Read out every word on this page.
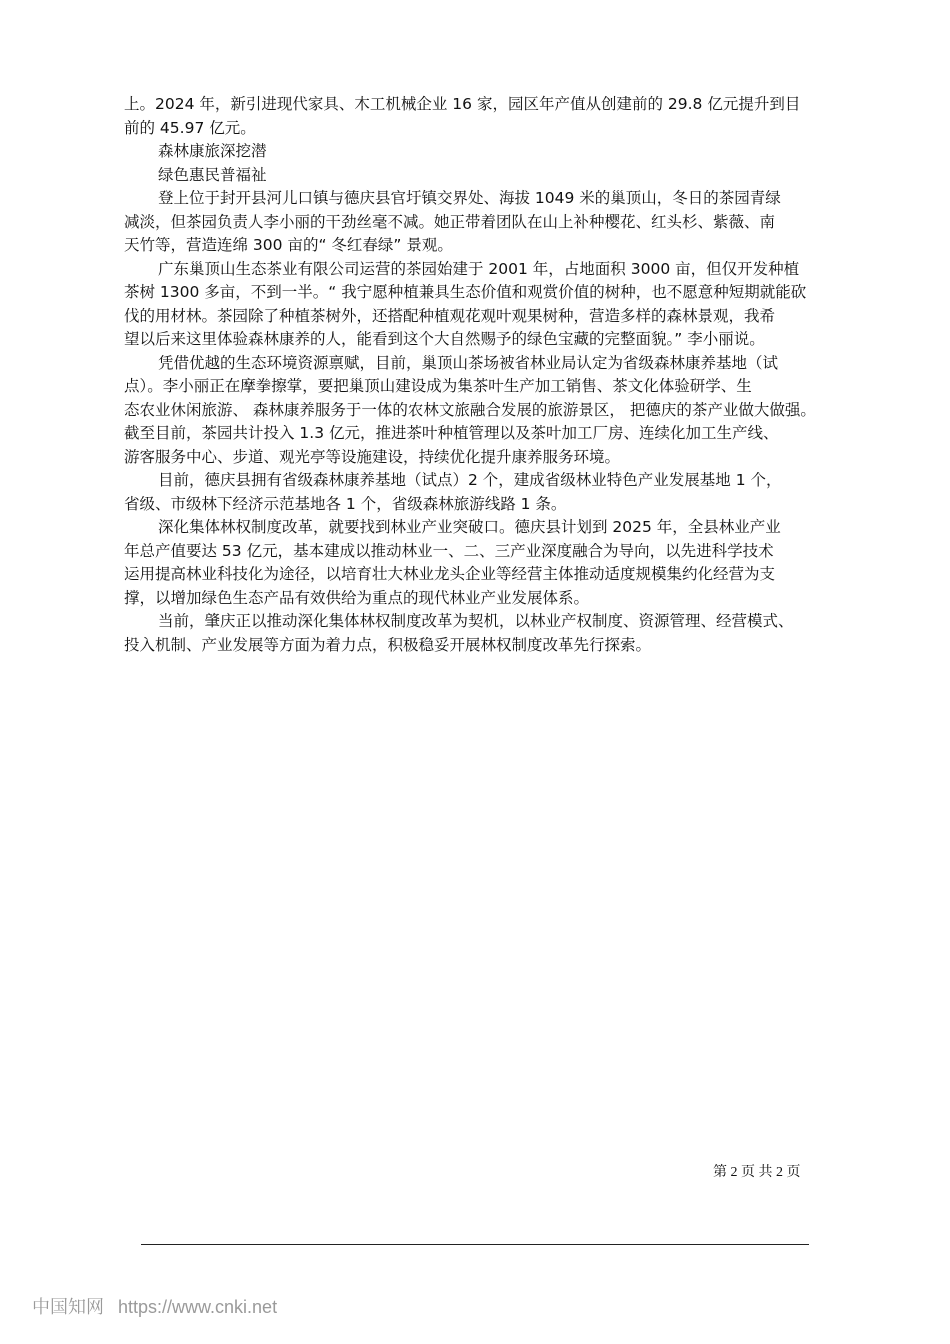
上。2024 年，新引进现代家具、木工机械企业 16 家，园区年产值从创建前的 29.8 亿元提升到目
前的 45.97 亿元。
森林康旅深挖潜
绿色惠民普福祉
登上位于封开县河儿口镇与德庆县官圩镇交界处、海拔 1049 米的巢顶山，冬日的茶园青绿
减淡，但茶园负责人李小丽的干劲丝毫不减。她正带着团队在山上补种樱花、红头杉、紫薇、南
天竹等，营造连绵 300 亩的“ 冬红春绿” 景观。
广东巢顶山生态茶业有限公司运营的茶园始建于 2001 年，占地面积 3000 亩，但仅开发种植
茶树 1300 多亩，不到一半。“ 我宁愿种植兼具生态价值和观赏价值的树种，也不愿意种短期就能砍
伐的用材林。茶园除了种植茶树外，还搭配种植观花观叶观果树种，营造多样的森林景观，我希
望以后来这里体验森林康养的人，能看到这个大自然赐予的绿色宝藏的完整面貌。” 李小丽说。
凭借优越的生态环境资源禀赋，目前，巢顶山茶场被省林业局认定为省级森林康养基地（试
点）。李小丽正在摩拳擦掌，要把巢顶山建设成为集茶叶生产加工销售、茶文化体验研学、生
态农业休闲旅游、 森林康养服务于一体的农林文旅融合发展的旅游景区， 把德庆的茶产业做大做强。
截至目前，茶园共计投入 1.3 亿元，推进茶叶种植管理以及茶叶加工厂房、连续化加工生产线、
游客服务中心、步道、观光亭等设施建设，持续优化提升康养服务环境。
目前，德庆县拥有省级森林康养基地（试点）2 个，建成省级林业特色产业发展基地 1 个，
省级、市级林下经济示范基地各 1 个，省级森林旅游线路 1 条。
深化集体林权制度改革，就要找到林业产业突破口。德庆县计划到 2025 年，全县林业产业
年总产值要达 53 亿元，基本建成以推动林业一、二、三产业深度融合为导向，以先进科学技术
运用提高林业科技化为途径，以培育壮大林业龙头企业等经营主体推动适度规模集约化经营为支
撑，以增加绿色生态产品有效供给为重点的现代林业产业发展体系。
当前，肇庆正以推动深化集体林权制度改革为契机，以林业产权制度、资源管理、经营模式、
投入机制、产业发展等方面为着力点，积极稳妥开展林权制度改革先行探索。
第 2 页 共 2 页
中国知网 https://www.cnki.net
